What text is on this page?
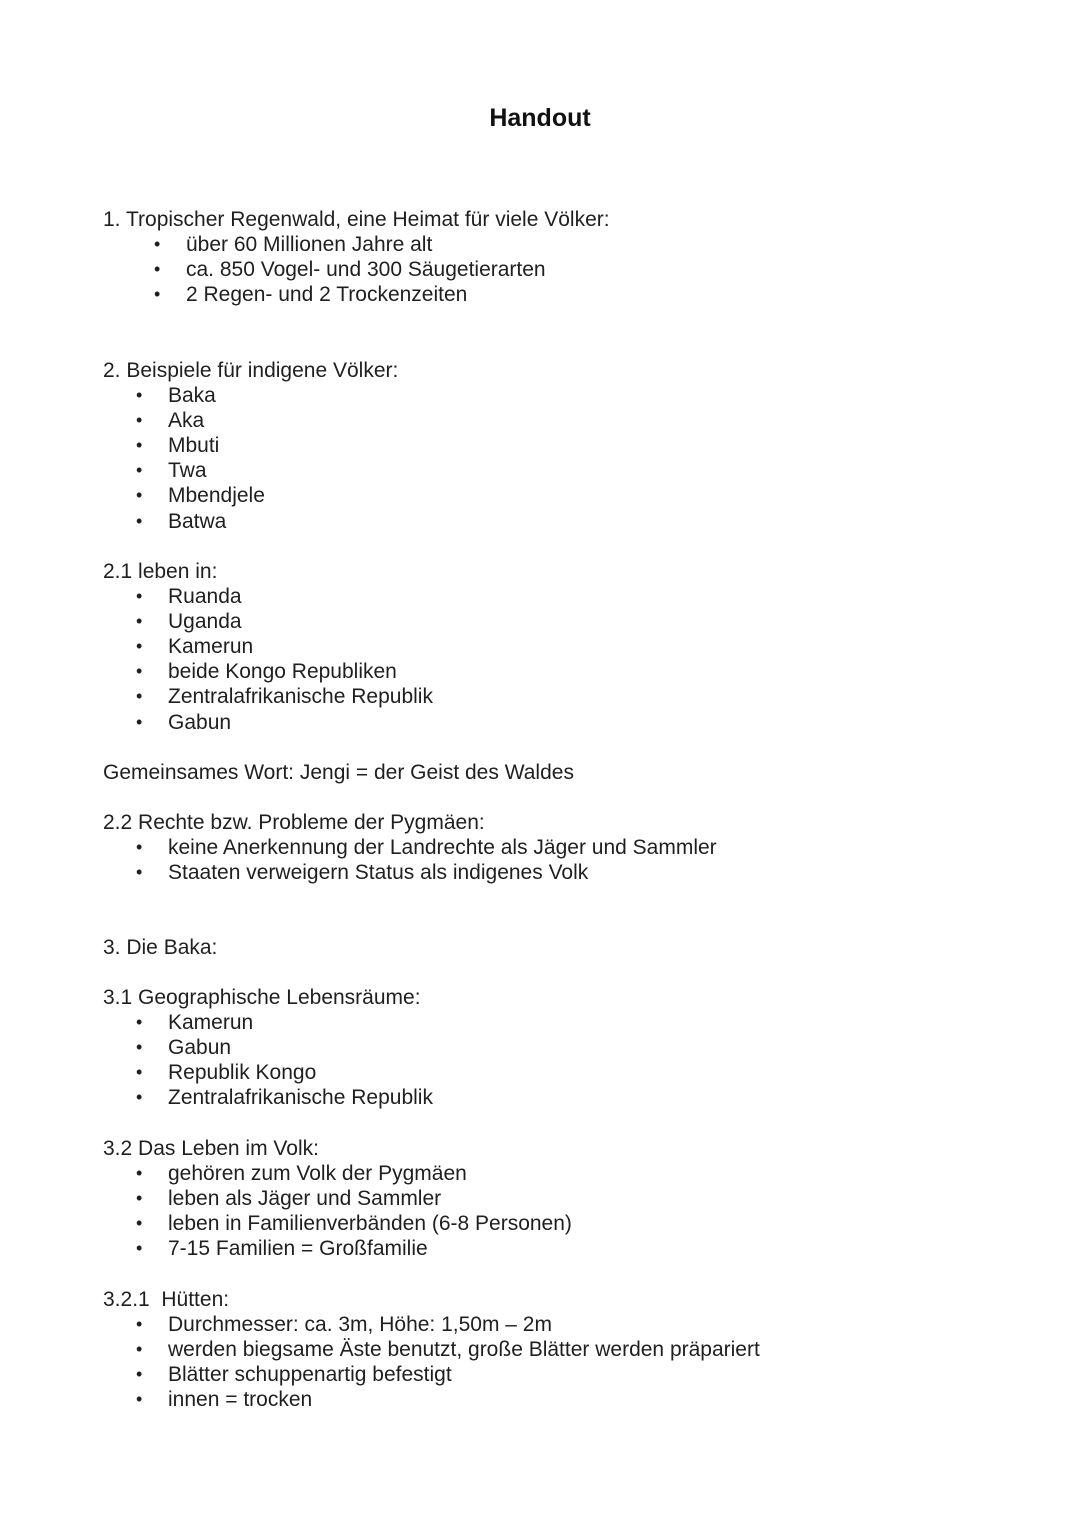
Handout
1. Tropischer Regenwald, eine Heimat für viele Völker:
• über 60 Millionen Jahre alt
• ca. 850 Vogel- und 300 Säugetierarten
• 2 Regen- und 2 Trockenzeiten
2. Beispiele für indigene Völker:
• Baka
• Aka
• Mbuti
• Twa
• Mbendjele
• Batwa
2.1 leben in:
• Ruanda
• Uganda
• Kamerun
• beide Kongo Republiken
• Zentralafrikanische Republik
• Gabun
Gemeinsames Wort: Jengi = der Geist des Waldes
2.2 Rechte bzw. Probleme der Pygmäen:
• keine Anerkennung der Landrechte als Jäger und Sammler
• Staaten verweigern Status als indigenes Volk
3. Die Baka:
3.1 Geographische Lebensräume:
• Kamerun
• Gabun
• Republik Kongo
• Zentralafrikanische Republik
3.2 Das Leben im Volk:
• gehören zum Volk der Pygmäen
• leben als Jäger und Sammler
• leben in Familienverbänden (6-8 Personen)
• 7-15 Familien = Großfamilie
3.2.1  Hütten:
• Durchmesser: ca. 3m, Höhe: 1,50m – 2m
• werden biegsame Äste benutzt, große Blätter werden präpariert
• Blätter schuppenartig befestigt
• innen = trocken
